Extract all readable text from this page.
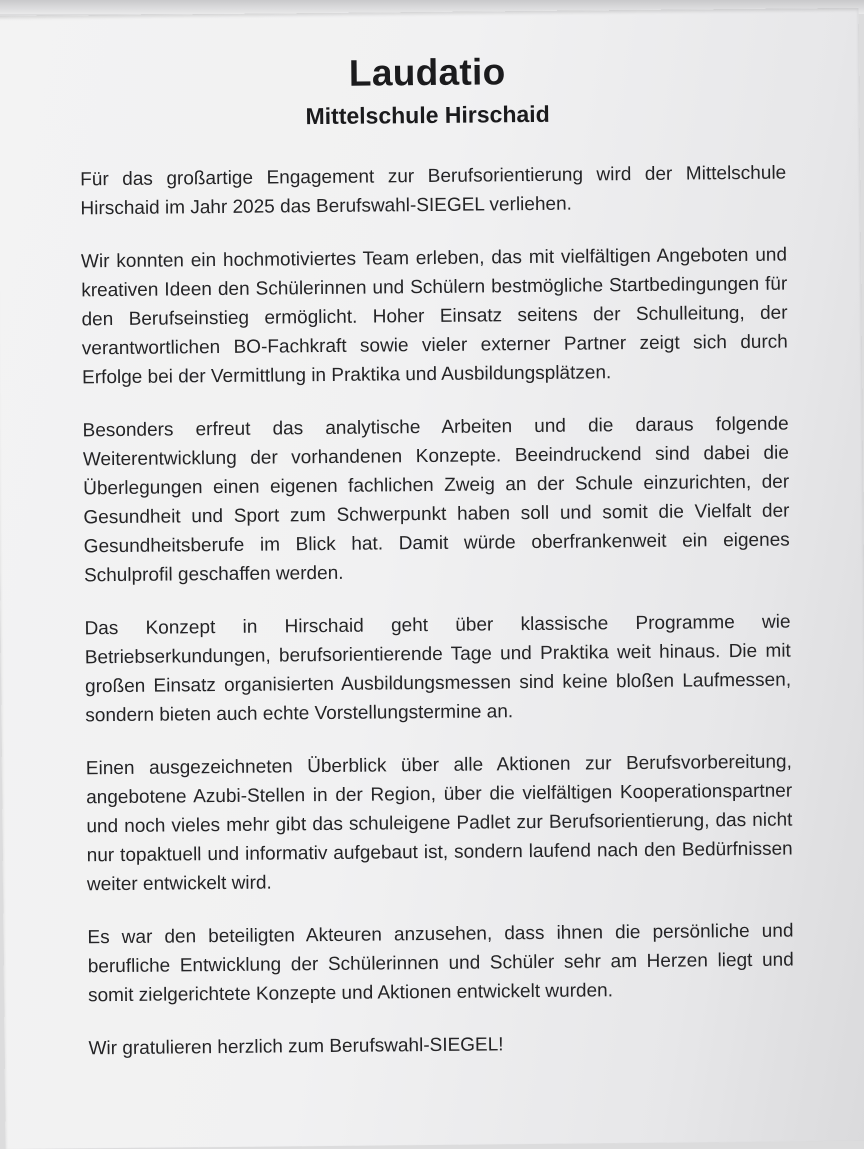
Laudatio
Mittelschule Hirschaid

Für das großartige Engagement zur Berufsorientierung wird der Mittelschule Hirschaid im Jahr 2025 das Berufswahl-SIEGEL verliehen.

Wir konnten ein hochmotiviertes Team erleben, das mit vielfältigen Angeboten und kreativen Ideen den Schülerinnen und Schülern bestmögliche Startbedingungen für den Berufseinstieg ermöglicht. Hoher Einsatz seitens der Schulleitung, der verantwortlichen BO-Fachkraft sowie vieler externer Partner zeigt sich durch Erfolge bei der Vermittlung in Praktika und Ausbildungsplätzen.

Besonders erfreut das analytische Arbeiten und die daraus folgende Weiterentwicklung der vorhandenen Konzepte. Beeindruckend sind dabei die Überlegungen einen eigenen fachlichen Zweig an der Schule einzurichten, der Gesundheit und Sport zum Schwerpunkt haben soll und somit die Vielfalt der Gesundheitsberufe im Blick hat. Damit würde oberfrankenweit ein eigenes Schulprofil geschaffen werden.

Das Konzept in Hirschaid geht über klassische Programme wie Betriebserkundungen, berufsorientierende Tage und Praktika weit hinaus. Die mit großen Einsatz organisierten Ausbildungsmessen sind keine bloßen Laufmessen, sondern bieten auch echte Vorstellungstermine an.

Einen ausgezeichneten Überblick über alle Aktionen zur Berufsvorbereitung, angebotene Azubi-Stellen in der Region, über die vielfältigen Kooperationspartner und noch vieles mehr gibt das schuleigene Padlet zur Berufsorientierung, das nicht nur topaktuell und informativ aufgebaut ist, sondern laufend nach den Bedürfnissen weiter entwickelt wird.

Es war den beteiligten Akteuren anzusehen, dass ihnen die persönliche und berufliche Entwicklung der Schülerinnen und Schüler sehr am Herzen liegt und somit zielgerichtete Konzepte und Aktionen entwickelt wurden.

Wir gratulieren herzlich zum Berufswahl-SIEGEL!
